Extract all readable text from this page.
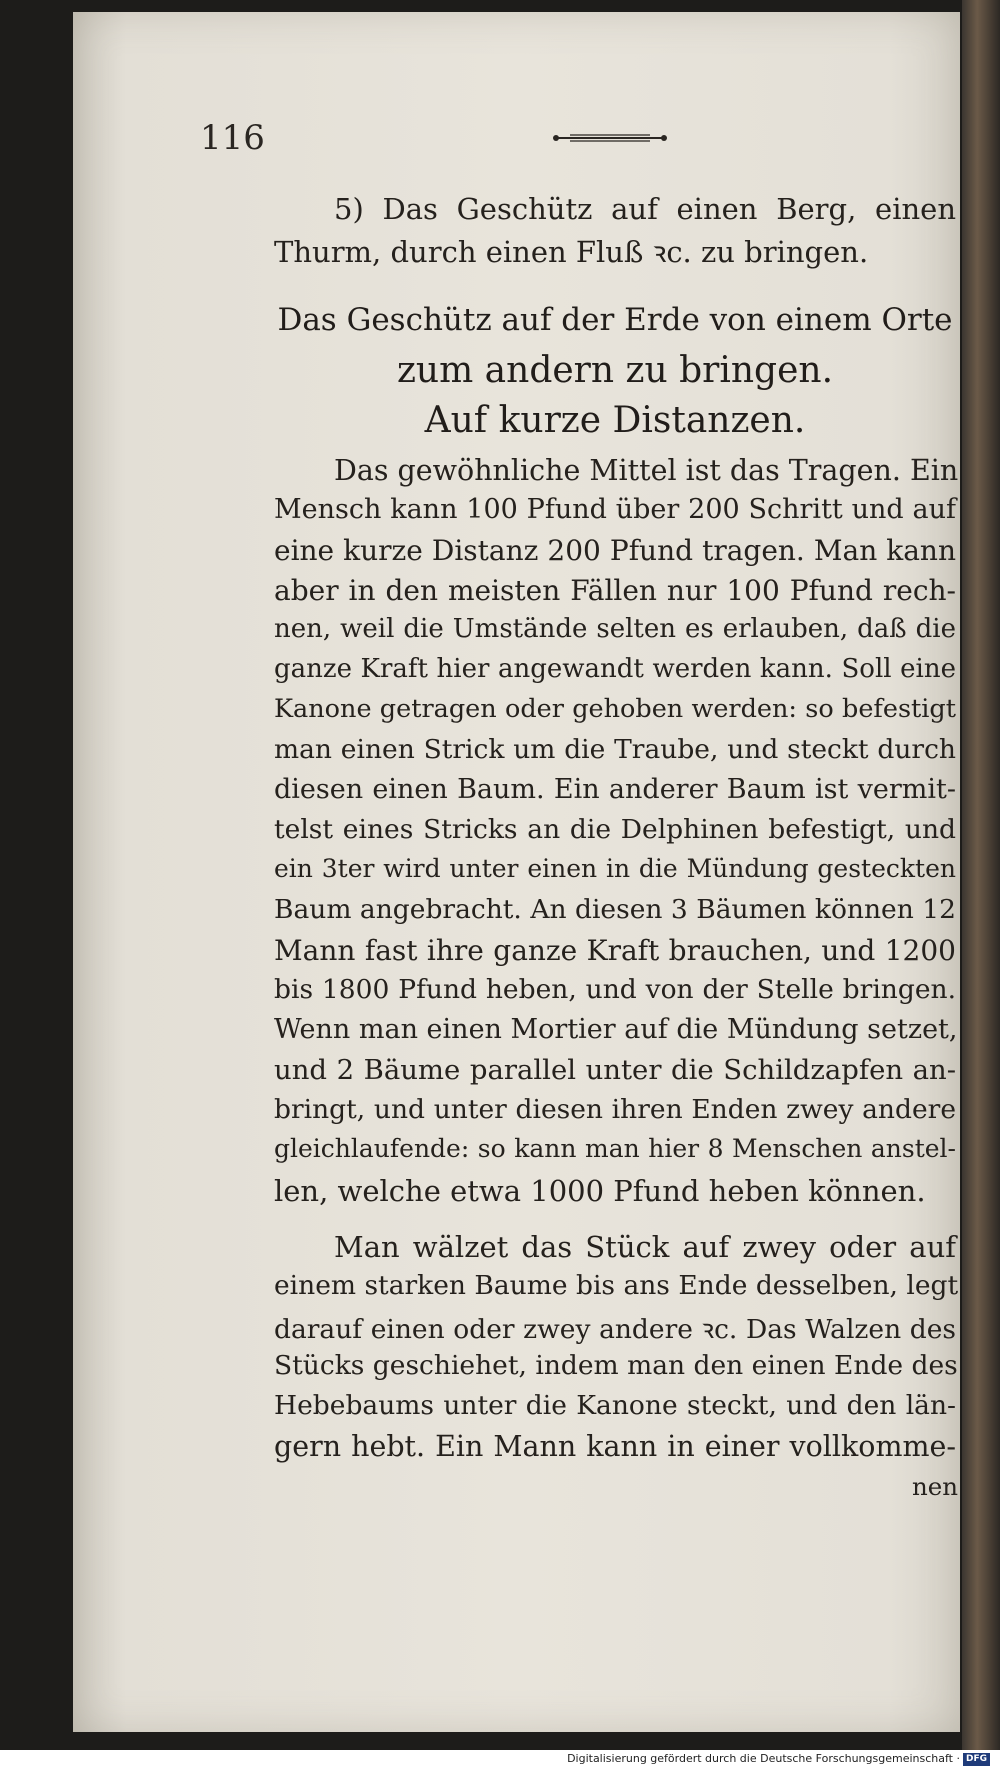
116
5) Das Geschütz auf einen Berg, einen
Thurm, durch einen Fluß ꝛc. zu bringen.
Das Geschütz auf der Erde von einem Orte
zum andern zu bringen.
Auf kurze Distanzen.
Das gewöhnliche Mittel ist das Tragen. Ein
Mensch kann 100 Pfund über 200 Schritt und auf
eine kurze Distanz 200 Pfund tragen. Man kann
aber in den meisten Fällen nur 100 Pfund rech-
nen, weil die Umstände selten es erlauben, daß die
ganze Kraft hier angewandt werden kann. Soll eine
Kanone getragen oder gehoben werden: so befestigt
man einen Strick um die Traube, und steckt durch
diesen einen Baum. Ein anderer Baum ist vermit-
telst eines Stricks an die Delphinen befestigt, und
ein 3ter wird unter einen in die Mündung gesteckten
Baum angebracht. An diesen 3 Bäumen können 12
Mann fast ihre ganze Kraft brauchen, und 1200
bis 1800 Pfund heben, und von der Stelle bringen.
Wenn man einen Mortier auf die Mündung setzet,
und 2 Bäume parallel unter die Schildzapfen an-
bringt, und unter diesen ihren Enden zwey andere
gleichlaufende: so kann man hier 8 Menschen anstel-
len, welche etwa 1000 Pfund heben können.
Man wälzet das Stück auf zwey oder auf
einem starken Baume bis ans Ende desselben, legt
darauf einen oder zwey andere ꝛc. Das Walzen des
Stücks geschiehet, indem man den einen Ende des
Hebebaums unter die Kanone steckt, und den län-
gern hebt. Ein Mann kann in einer vollkomme-
nen
Digitalisierung gefördert durch die Deutsche Forschungsgemeinschaft · DFG
